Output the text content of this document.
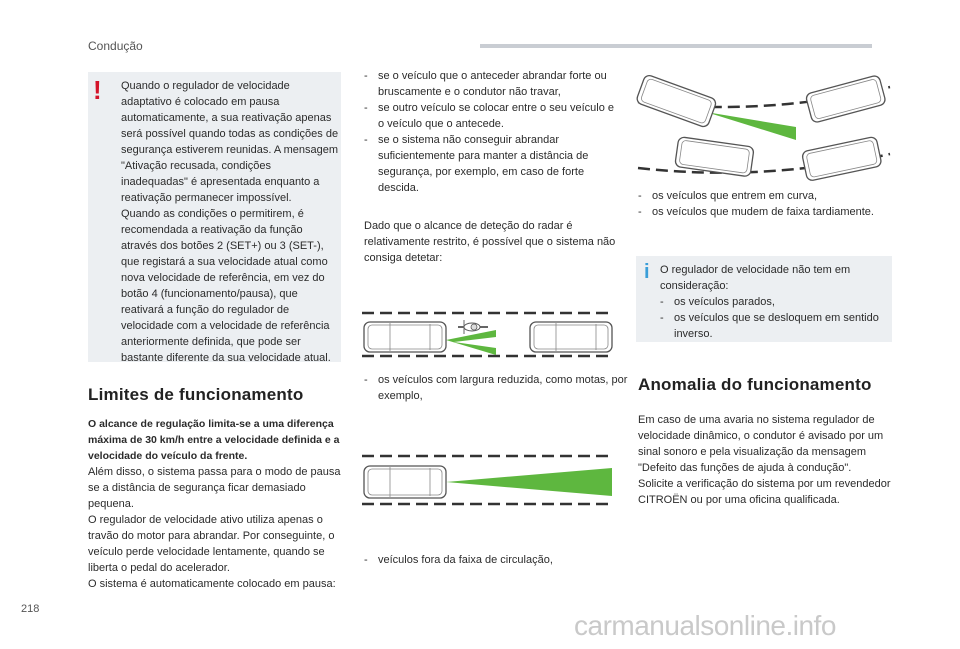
Condução
218
carmanualsonline.info
! Quando o regulador de velocidade adaptativo é colocado em pausa automaticamente, a sua reativação apenas será possível quando todas as condições de segurança estiverem reunidas. A mensagem "Ativação recusada, condições inadequadas" é apresentada enquanto a reativação permanecer impossível.

Quando as condições o permitirem, é recomendada a reativação da função através dos botões 2 (SET+) ou 3 (SET-), que registará a sua velocidade atual como nova velocidade de referência, em vez do botão 4 (funcionamento/pausa), que reativará a função do regulador de velocidade com a velocidade de referência anteriormente definida, que pode ser bastante diferente da sua velocidade atual.

Limites de funcionamento

O alcance de regulação limita-se a uma diferença máxima de 30 km/h entre a velocidade definida e a velocidade do veículo da frente.

Além disso, o sistema passa para o modo de pausa se a distância de segurança ficar demasiado pequena.

O regulador de velocidade ativo utiliza apenas o travão do motor para abrandar. Por conseguinte, o veículo perde velocidade lentamente, quando se liberta o pedal do acelerador.

O sistema é automaticamente colocado em pausa:

- se o veículo que o anteceder abrandar forte ou bruscamente e o condutor não travar,
- se outro veículo se colocar entre o seu veículo e o veículo que o antecede.
- se o sistema não conseguir abrandar suficientemente para manter a distância de segurança, por exemplo, em caso de forte descida.
Dado que o alcance de deteção do radar é relativamente restrito, é possível que o sistema não consiga detetar:
- os veículos com largura reduzida, como motas, por exemplo,
- veículos fora da faixa de circulação,
- os veículos que entrem em curva,
- os veículos que mudem de faixa tardiamente.
i O regulador de velocidade não tem em consideração:

- os veículos parados,
- os veículos que se desloquem em sentido inverso.
Anomalia do funcionamento

Em caso de uma avaria no sistema regulador de velocidade dinâmico, o condutor é avisado por um sinal sonoro e pela visualização da mensagem "Defeito das funções de ajuda à condução".

Solicite a verificação do sistema por um revendedor CITROËN ou por uma oficina qualificada.
